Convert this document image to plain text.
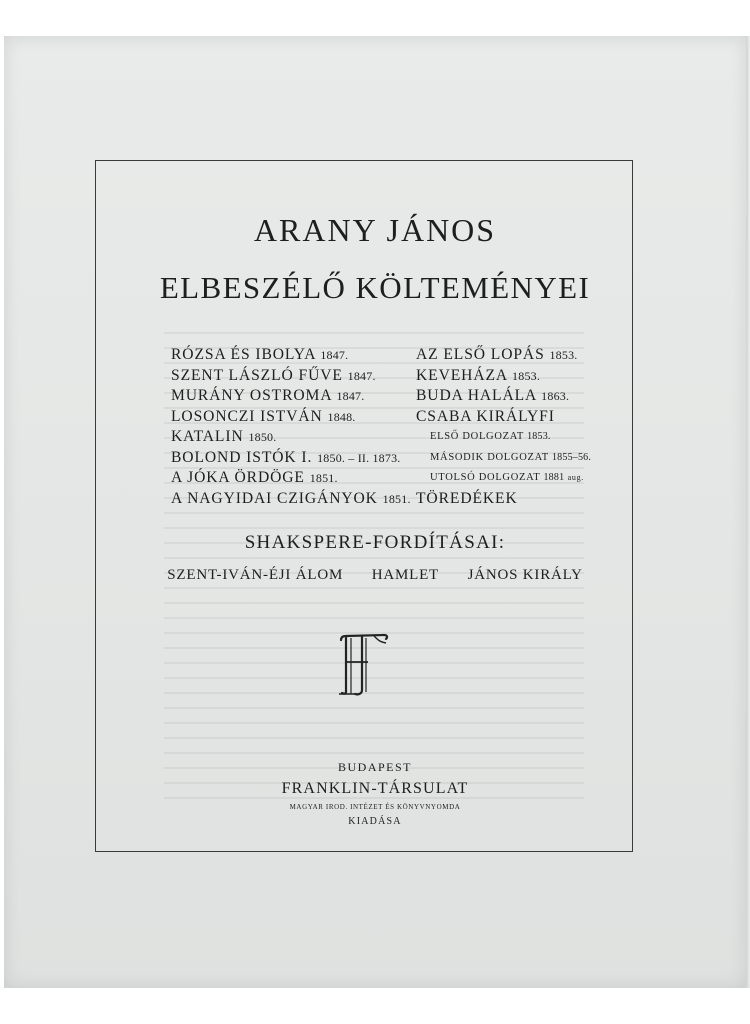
ARANY JÁNOS
ELBESZÉLŐ KÖLTEMÉNYEI
RÓZSA ÉS IBOLYA 1847.
SZENT LÁSZLÓ FŰVE 1847.
MURÁNY OSTROMA 1847.
LOSONCZI ISTVÁN 1848.
KATALIN 1850.
BOLOND ISTÓK I. 1850. – II. 1873.
A JÓKA ÖRDÖGE 1851.
A NAGYIDAI CZIGÁNYOK 1851.
AZ ELSŐ LOPÁS 1853.
KEVEHÁZA 1853.
BUDA HALÁLA 1863.
CSABA KIRÁLYFI
ELSŐ DOLGOZAT 1853.
MÁSODIK DOLGOZAT 1855–56.
UTOLSÓ DOLGOZAT 1881 aug.
TÖREDÉKEK
SHAKSPERE-FORDÍTÁSAI:
SZENT-IVÁN-ÉJI ÁLOM HAMLET JÁNOS KIRÁLY
BUDAPEST
FRANKLIN-TÁRSULAT
MAGYAR IROD. INTÉZET ÉS KÖNYVNYOMDA
KIADÁSA
